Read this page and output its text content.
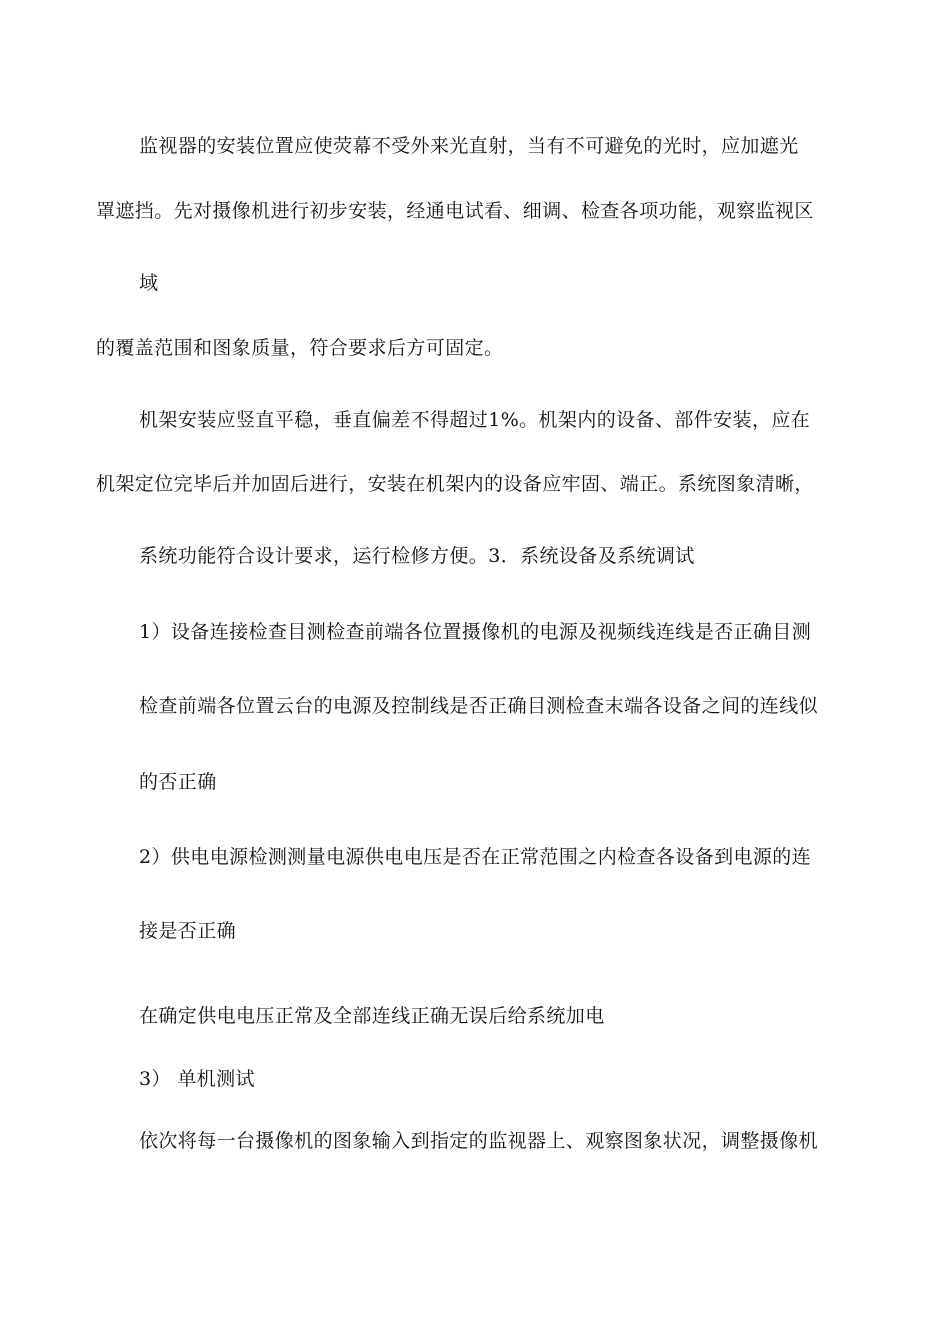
监视器的安装位置应使荧幕不受外来光直射，当有不可避免的光时，应加遮光
罩遮挡。先对摄像机进行初步安装，经通电试看、细调、检查各项功能，观察监视区
域
的覆盖范围和图象质量，符合要求后方可固定。
机架安装应竖直平稳，垂直偏差不得超过1%。机架内的设备、部件安装，应在
机架定位完毕后并加固后进行，安装在机架内的设备应牢固、端正。系统图象清晰，
系统功能符合设计要求，运行检修方便。3．系统设备及系统调试
1）设备连接检查目测检查前端各位置摄像机的电源及视频线连线是否正确目测
检查前端各位置云台的电源及控制线是否正确目测检查末端各设备之间的连线似
的否正确
2）供电电源检测测量电源供电电压是否在正常范围之内检查各设备到电源的连
接是否正确
在确定供电电压正常及全部连线正确无误后给系统加电
3） 单机测试
依次将每一台摄像机的图象输入到指定的监视器上、观察图象状况，调整摄像机
